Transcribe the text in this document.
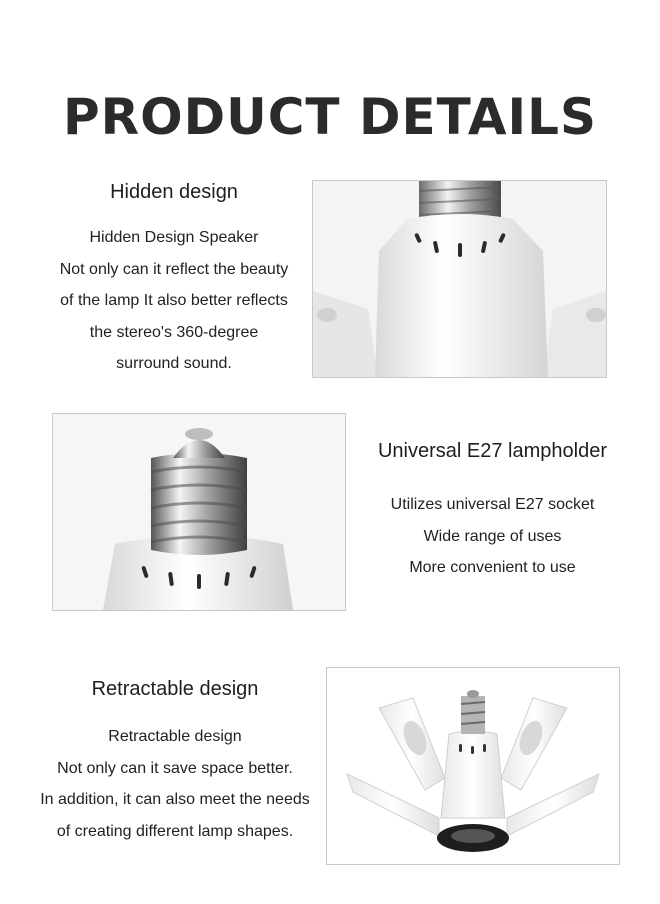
PRODUCT DETAILS
Hidden design
Hidden Design Speaker
Not only can it reflect the beauty
of the lamp It also better reflects
the stereo's 360-degree
surround sound.
Universal E27 lampholder
Utilizes universal E27 socket
Wide range of uses
More convenient to use
Retractable design
Retractable design
Not only can it save space better.
In addition, it can also meet the needs
of creating different lamp shapes.
